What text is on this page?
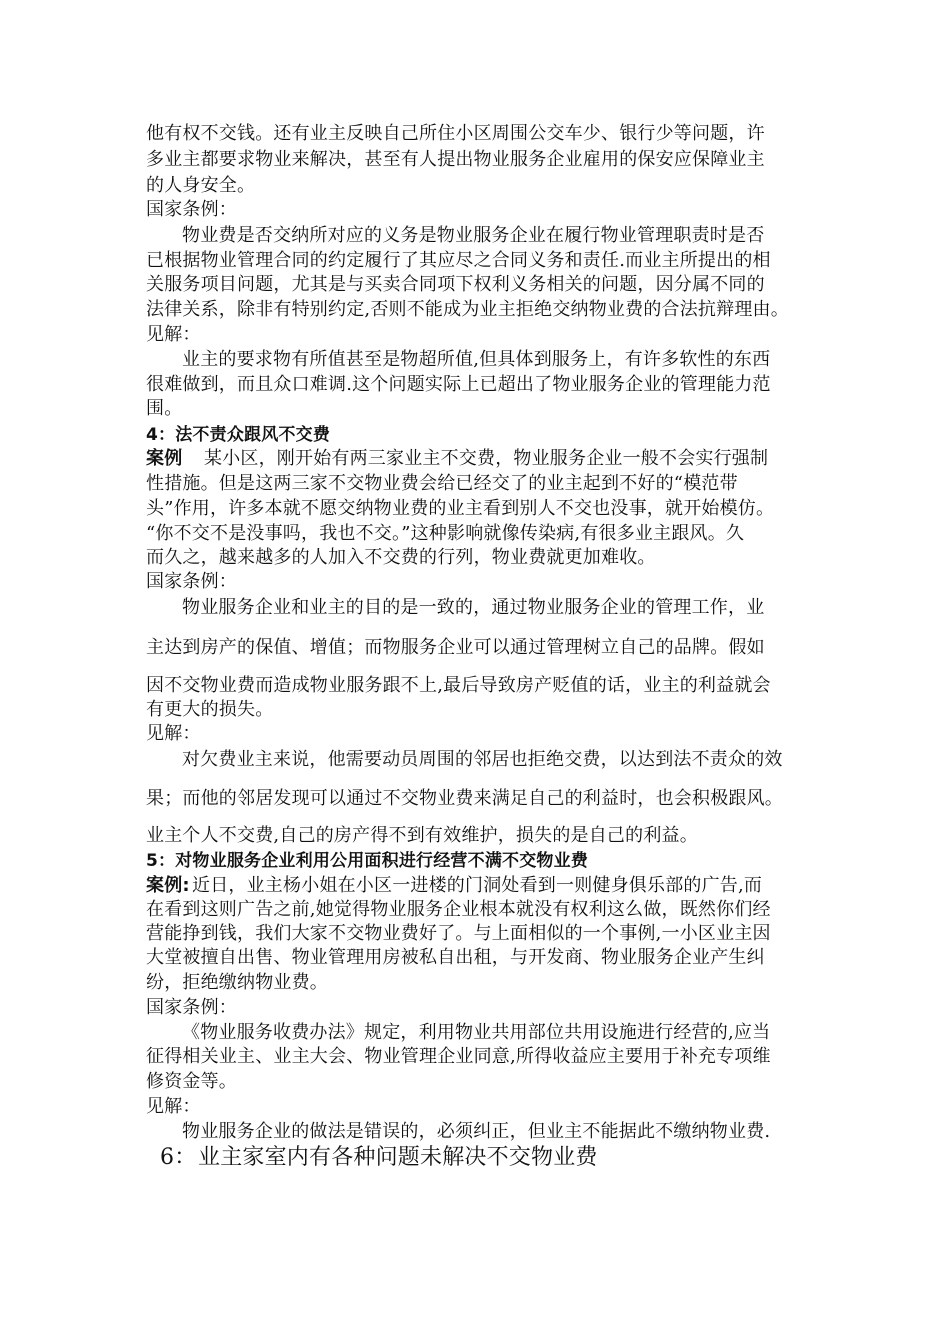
他有权不交钱。还有业主反映自己所住小区周围公交车少、银行少等问题，许
多业主都要求物业来解决，甚至有人提出物业服务企业雇用的保安应保障业主
的人身安全。
国家条例：
物业费是否交纳所对应的义务是物业服务企业在履行物业管理职责时是否
已根据物业管理合同的约定履行了其应尽之合同义务和责任.而业主所提出的相
关服务项目问题，尤其是与买卖合同项下权利义务相关的问题，因分属不同的
法律关系，除非有特别约定,否则不能成为业主拒绝交纳物业费的合法抗辩理由。
见解：
业主的要求物有所值甚至是物超所值,但具体到服务上，有许多软性的东西
很难做到，而且众口难调.这个问题实际上已超出了物业服务企业的管理能力范
围。
4：法不责众跟风不交费
案例 某小区，刚开始有两三家业主不交费，物业服务企业一般不会实行强制
性措施。但是这两三家不交物业费会给已经交了的业主起到不好的“模范带
头”作用，许多本就不愿交纳物业费的业主看到别人不交也没事，就开始模仿。
“你不交不是没事吗，我也不交。”这种影响就像传染病,有很多业主跟风。久
而久之，越来越多的人加入不交费的行列，物业费就更加难收。
国家条例：
物业服务企业和业主的目的是一致的，通过物业服务企业的管理工作，业
主达到房产的保值、增值；而物服务企业可以通过管理树立自己的品牌。假如
因不交物业费而造成物业服务跟不上,最后导致房产贬值的话，业主的利益就会
有更大的损失。
见解：
对欠费业主来说，他需要动员周围的邻居也拒绝交费，以达到法不责众的效
果；而他的邻居发现可以通过不交物业费来满足自己的利益时，也会积极跟风。
业主个人不交费,自己的房产得不到有效维护，损失的是自己的利益。
5：对物业服务企业利用公用面积进行经营不满不交物业费
案例: 近日，业主杨小姐在小区一进楼的门洞处看到一则健身俱乐部的广告,而
在看到这则广告之前,她觉得物业服务企业根本就没有权利这么做，既然你们经
营能挣到钱，我们大家不交物业费好了。与上面相似的一个事例,一小区业主因
大堂被擅自出售、物业管理用房被私自出租，与开发商、物业服务企业产生纠
纷，拒绝缴纳物业费。
国家条例：
《物业服务收费办法》规定，利用物业共用部位共用设施进行经营的,应当
征得相关业主、业主大会、物业管理企业同意,所得收益应主要用于补充专项维
修资金等。
见解：
物业服务企业的做法是错误的，必须纠正，但业主不能据此不缴纳物业费.
6： 业主家室内有各种问题未解决不交物业费
